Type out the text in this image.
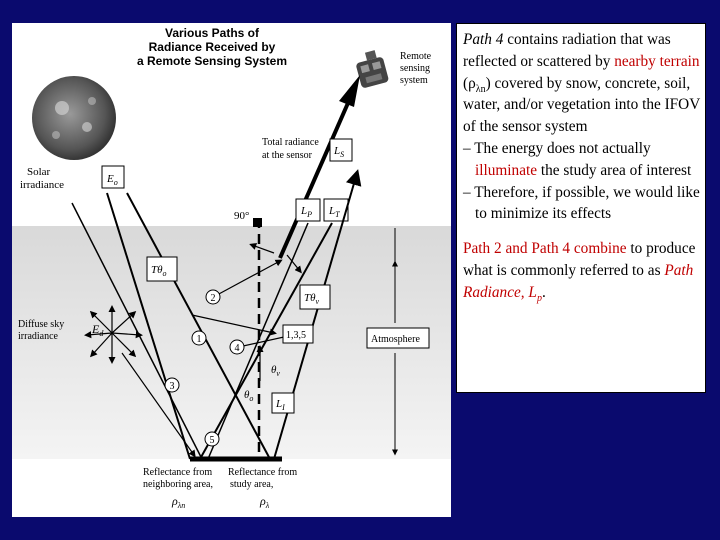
Various Paths of
Radiance Received by
a Remote Sensing System	Remote
sensing
system
Solar
irradiance	$E_o$
Total radiance
at the sensor $L_S$
90°	$L_P$ $L_T$
Diffuse sky
irradiance
$E_d$
$T\theta_o$
$T\theta_v$
1,3,5
1
2
3
4
5
$\theta_v$
$\theta_o$ $L_I$
Atmosphere
Reflectance from
neighboring area,
Reflectance from
study area,
$\rho_{\lambda n}$	$\rho_\lambda$

Path 4 contains radiation that was reflected or scattered by nearby terrain $(\rho_{\lambda n})$ covered by snow, concrete, soil, water, and/or vegetation into the IFOV of the sensor system

– The energy does not actually illuminate the study area of interest

– Therefore, if possible, we would like to minimize its effects

Path 2 and Path 4 combine to produce what is commonly referred to as Path Radiance, $L_p$.
